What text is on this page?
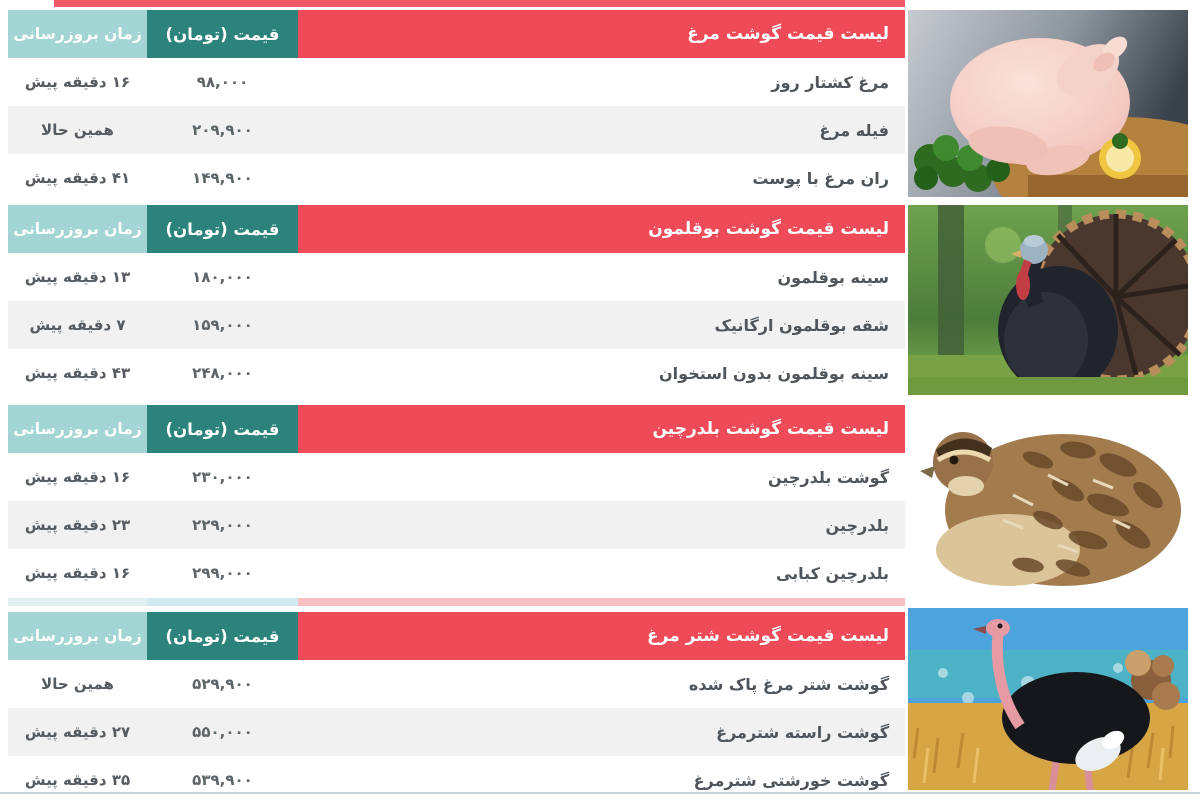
لیست قیمت گوشت مرغ
قیمت (تومان)
زمان بروزرسانی
مرغ کشتار روز
۹۸,۰۰۰
۱۶ دقیقه پیش
فیله مرغ
۲۰۹,۹۰۰
همین حالا
ران مرغ با پوست
۱۴۹,۹۰۰
۴۱ دقیقه پیش
لیست قیمت گوشت بوقلمون
قیمت (تومان)
زمان بروزرسانی
سینه بوقلمون
۱۸۰,۰۰۰
۱۳ دقیقه پیش
شقه بوقلمون ارگانیک
۱۵۹,۰۰۰
۷ دقیقه پیش
سینه بوقلمون بدون استخوان
۲۴۸,۰۰۰
۴۳ دقیقه پیش
لیست قیمت گوشت بلدرچین
قیمت (تومان)
زمان بروزرسانی
گوشت بلدرچین
۲۳۰,۰۰۰
۱۶ دقیقه پیش
بلدرچین
۲۲۹,۰۰۰
۲۳ دقیقه پیش
بلدرچین کبابی
۲۹۹,۰۰۰
۱۶ دقیقه پیش
لیست قیمت گوشت شتر مرغ
قیمت (تومان)
زمان بروزرسانی
گوشت شتر مرغ پاک شده
۵۲۹,۹۰۰
همین حالا
گوشت راسته شترمرغ
۵۵۰,۰۰۰
۲۷ دقیقه پیش
گوشت خورشتی شترمرغ
۵۳۹,۹۰۰
۳۵ دقیقه پیش
